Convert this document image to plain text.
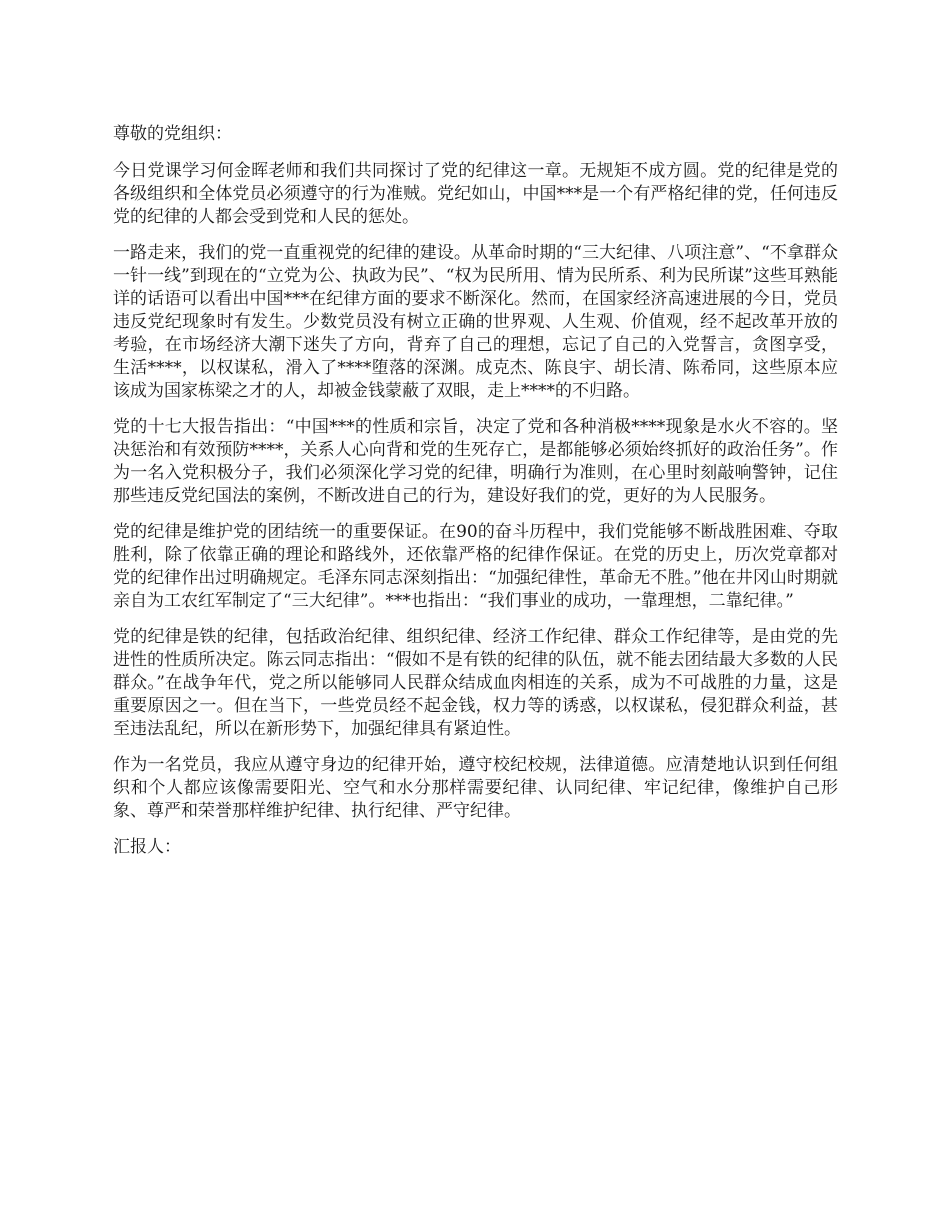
尊敬的党组织：

今日党课学习何金晖老师和我们共同探讨了党的纪律这一章。无规矩不成方圆。党的纪律是党的各级组织和全体党员必须遵守的行为准贼。党纪如山，中国***是一个有严格纪律的党，任何违反党的纪律的人都会受到党和人民的惩处。

一路走来，我们的党一直重视党的纪律的建设。从革命时期的“三大纪律、八项注意”、“不拿群众一针一线”到现在的“立党为公、执政为民”、“权为民所用、情为民所系、利为民所谋”这些耳熟能详的话语可以看出中国***在纪律方面的要求不断深化。然而，在国家经济高速进展的今日，党员违反党纪现象时有发生。少数党员没有树立正确的世界观、人生观、价值观，经不起改革开放的考验，在市场经济大潮下迷失了方向，背弃了自己的理想，忘记了自己的入党誓言，贪图享受，生活****，以权谋私，滑入了****堕落的深渊。成克杰、陈良宇、胡长清、陈希同，这些原本应该成为国家栋梁之才的人，却被金钱蒙蔽了双眼，走上****的不归路。

党的十七大报告指出：“中国***的性质和宗旨，决定了党和各种消极****现象是水火不容的。坚决惩治和有效预防****，关系人心向背和党的生死存亡，是都能够必须始终抓好的政治任务”。作为一名入党积极分子，我们必须深化学习党的纪律，明确行为准则，在心里时刻敲响警钟，记住那些违反党纪国法的案例，不断改进自己的行为，建设好我们的党，更好的为人民服务。

党的纪律是维护党的团结统一的重要保证。在90的奋斗历程中，我们党能够不断战胜困难、夺取胜利，除了依靠正确的理论和路线外，还依靠严格的纪律作保证。在党的历史上，历次党章都对党的纪律作出过明确规定。毛泽东同志深刻指出：“加强纪律性，革命无不胜。”他在井冈山时期就亲自为工农红军制定了“三大纪律”。***也指出：“我们事业的成功，一靠理想，二靠纪律。”

党的纪律是铁的纪律，包括政治纪律、组织纪律、经济工作纪律、群众工作纪律等，是由党的先进性的性质所决定。陈云同志指出：“假如不是有铁的纪律的队伍，就不能去团结最大多数的人民群众。”在战争年代，党之所以能够同人民群众结成血肉相连的关系，成为不可战胜的力量，这是重要原因之一。但在当下，一些党员经不起金钱，权力等的诱惑，以权谋私，侵犯群众利益，甚至违法乱纪，所以在新形势下，加强纪律具有紧迫性。

作为一名党员，我应从遵守身边的纪律开始，遵守校纪校规，法律道德。应清楚地认识到任何组织和个人都应该像需要阳光、空气和水分那样需要纪律、认同纪律、牢记纪律，像维护自己形象、尊严和荣誉那样维护纪律、执行纪律、严守纪律。

汇报人：
